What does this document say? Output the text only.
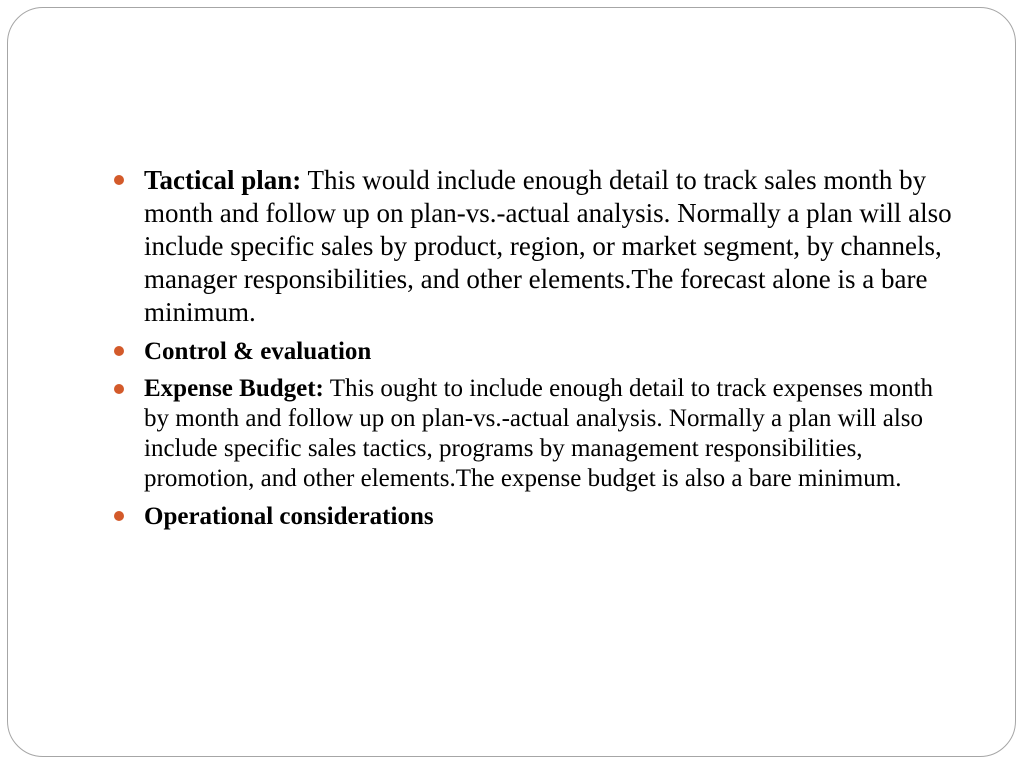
Tactical plan: This would include enough detail to track sales month by month and follow up on plan-vs.-actual analysis. Normally a plan will also include specific sales by product, region, or market segment, by channels, manager responsibilities, and other elements.The forecast alone is a bare minimum.
Control & evaluation
Expense Budget: This ought to include enough detail to track expenses month by month and follow up on plan-vs.-actual analysis. Normally a plan will also include specific sales tactics, programs by management responsibilities, promotion, and other elements.The expense budget is also a bare minimum.
Operational considerations
